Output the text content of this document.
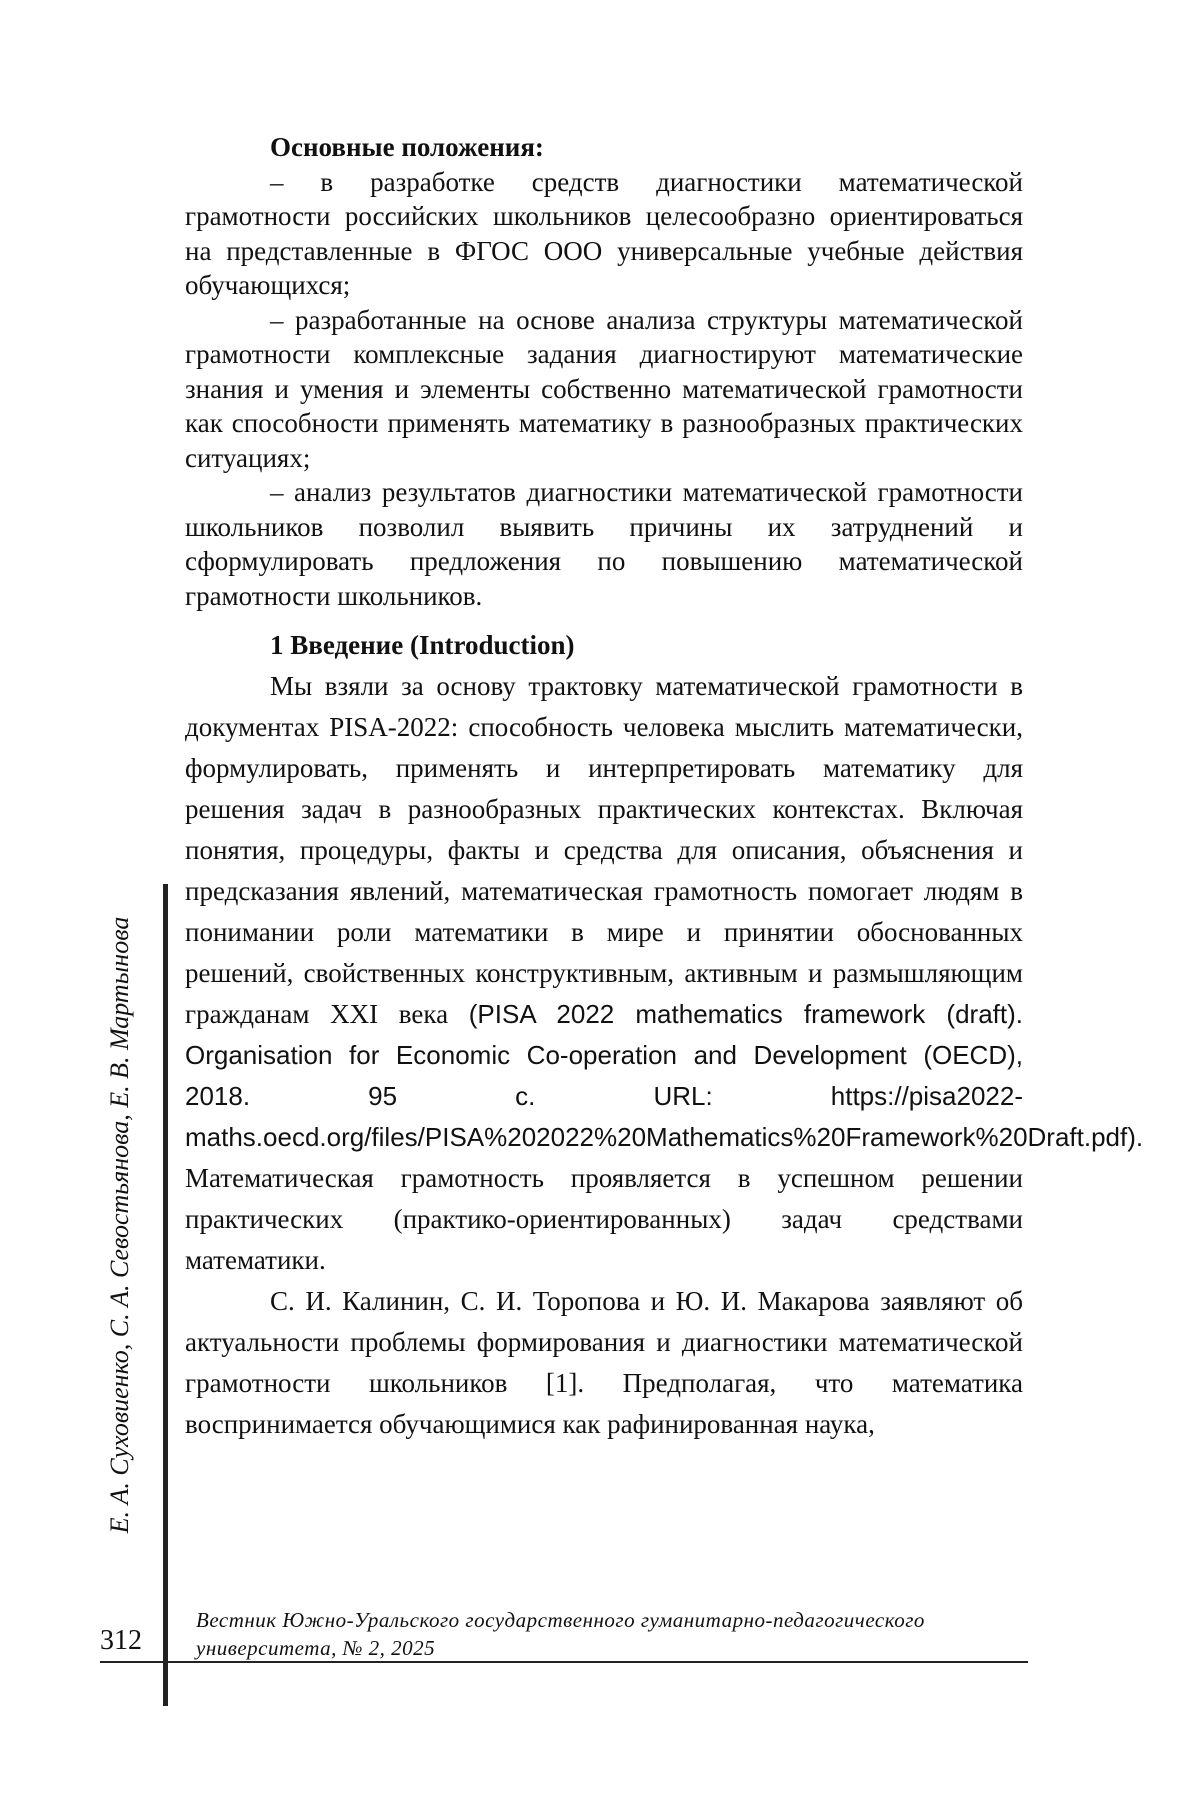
Основные положения:

– в разработке средств диагностики математической грамотности российских школьников целесообразно ориентироваться на представленные в ФГОС ООО универсальные учебные действия обучающихся;

– разработанные на основе анализа структуры математической грамотности комплексные задания диагностируют математические знания и умения и элементы собственно математической грамотности как способности применять математику в разнообразных практических ситуациях;

– анализ результатов диагностики математической грамотности школьников позволил выявить причины их затруднений и сформулировать предложения по повышению математической грамотности школьников.

1 Введение (Introduction)

Мы взяли за основу трактовку математической грамотности в документах PISA-2022: способность человека мыслить математически, формулировать, применять и интерпретировать математику для решения задач в разнообразных практических контекстах. Включая понятия, процедуры, факты и средства для описания, объяснения и предсказания явлений, математическая грамотность помогает людям в понимании роли математики в мире и принятии обоснованных решений, свойственных конструктивным, активным и размышляющим гражданам XXI века (PISA 2022 mathematics framework (draft). Organisation for Economic Co-operation and Development (OECD), 2018. 95 c. URL: https://pisa2022-maths.oecd.org/files/PISA%202022%20Mathematics%20Framework%20Draft.pdf). Математическая грамотность проявляется в успешном решении практических (практико-ориентированных) задач средствами математики.

С. И. Калинин, С. И. Торопова и Ю. И. Макарова заявляют об актуальности проблемы формирования и диагностики математической грамотности школьников [1]. Предполагая, что математика воспринимается обучающимися как рафинированная наука,

Е. А. Суховиенко, С. А. Севостьянова, Е. В. Мартынова
312
Вестник Южно-Уральского государственного гуманитарно-педагогического университета, № 2, 2025
